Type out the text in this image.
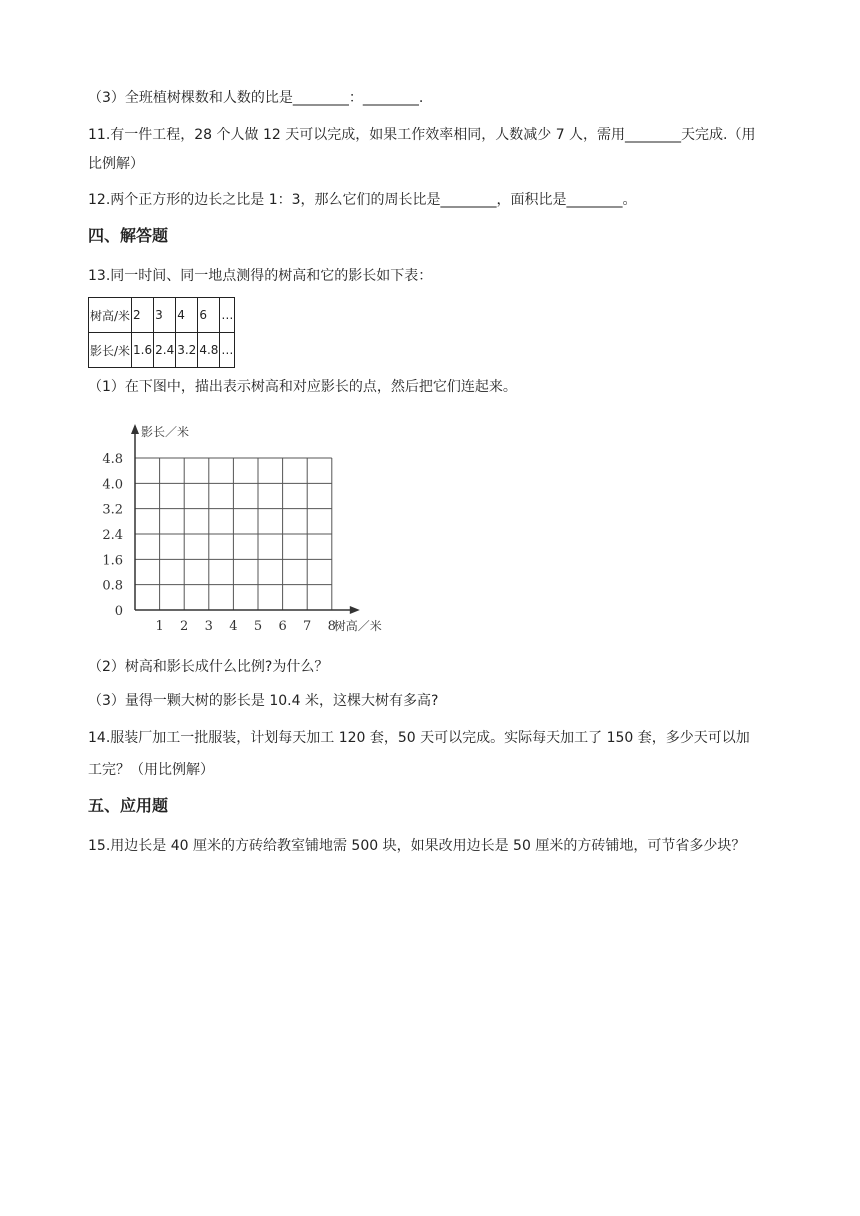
（3）全班植树棵数和人数的比是________：________.
11.有一件工程，28 个人做 12 天可以完成，如果工作效率相同，人数减少 7 人，需用________天完成.（用
比例解）
12.两个正方形的边长之比是 1：3，那么它们的周长比是________，面积比是________。
四、解答题
13.同一时间、同一地点测得的树高和它的影长如下表：
树高/米	2	3	4	6	…
影长/米	1.6	2.4	3.2	4.8	…
（1）在下图中，描出表示树高和对应影长的点，然后把它们连起来。
0
0.8
1.6
2.4
3.2
4.0
4.8
1 2 3 4 5 6 7 8
影长／米
树高／米
（2）树高和影长成什么比例?为什么？
（3）量得一颗大树的影长是 10.4 米，这棵大树有多高?
14.服装厂加工一批服装，计划每天加工 120 套，50 天可以完成。实际每天加工了 150 套，多少天可以加
工完？（用比例解）
五、应用题
15.用边长是 40 厘米的方砖给教室铺地需 500 块，如果改用边长是 50 厘米的方砖铺地，可节省多少块？
